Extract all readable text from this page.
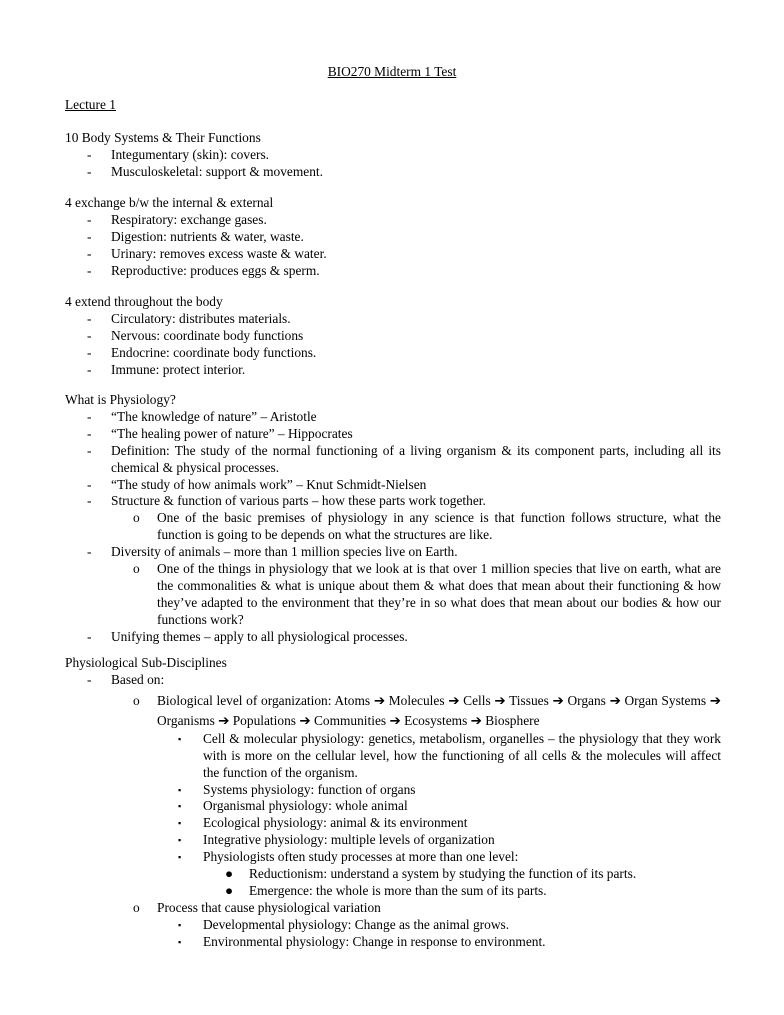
BIO270 Midterm 1 Test
Lecture 1
10 Body Systems & Their Functions
- Integumentary (skin): covers.
- Musculoskeletal: support & movement.
4 exchange b/w the internal & external
- Respiratory: exchange gases.
- Digestion: nutrients & water, waste.
- Urinary: removes excess waste & water.
- Reproductive: produces eggs & sperm.
4 extend throughout the body
- Circulatory: distributes materials.
- Nervous: coordinate body functions
- Endocrine: coordinate body functions.
- Immune: protect interior.
What is Physiology?
- “The knowledge of nature” – Aristotle
- “The healing power of nature” – Hippocrates
- Definition: The study of the normal functioning of a living organism & its component parts, including all its chemical & physical processes.
- “The study of how animals work” – Knut Schmidt-Nielsen
- Structure & function of various parts – how these parts work together.
o One of the basic premises of physiology in any science is that function follows structure, what the function is going to be depends on what the structures are like.
- Diversity of animals – more than 1 million species live on Earth.
o One of the things in physiology that we look at is that over 1 million species that live on earth, what are the commonalities & what is unique about them & what does that mean about their functioning & how they’ve adapted to the environment that they’re in so what does that mean about our bodies & how our functions work?
- Unifying themes – apply to all physiological processes.
Physiological Sub-Disciplines
- Based on:
o Biological level of organization: Atoms ➔ Molecules ➔ Cells ➔ Tissues ➔ Organs ➔ Organ Systems ➔ Organisms ➔ Populations ➔ Communities ➔ Ecosystems ➔ Biosphere
▪ Cell & molecular physiology: genetics, metabolism, organelles – the physiology that they work with is more on the cellular level, how the functioning of all cells & the molecules will affect the function of the organism.
▪ Systems physiology: function of organs
▪ Organismal physiology: whole animal
▪ Ecological physiology: animal & its environment
▪ Integrative physiology: multiple levels of organization
▪ Physiologists often study processes at more than one level:
● Reductionism: understand a system by studying the function of its parts.
● Emergence: the whole is more than the sum of its parts.
o Process that cause physiological variation
▪ Developmental physiology: Change as the animal grows.
▪ Environmental physiology: Change in response to environment.
